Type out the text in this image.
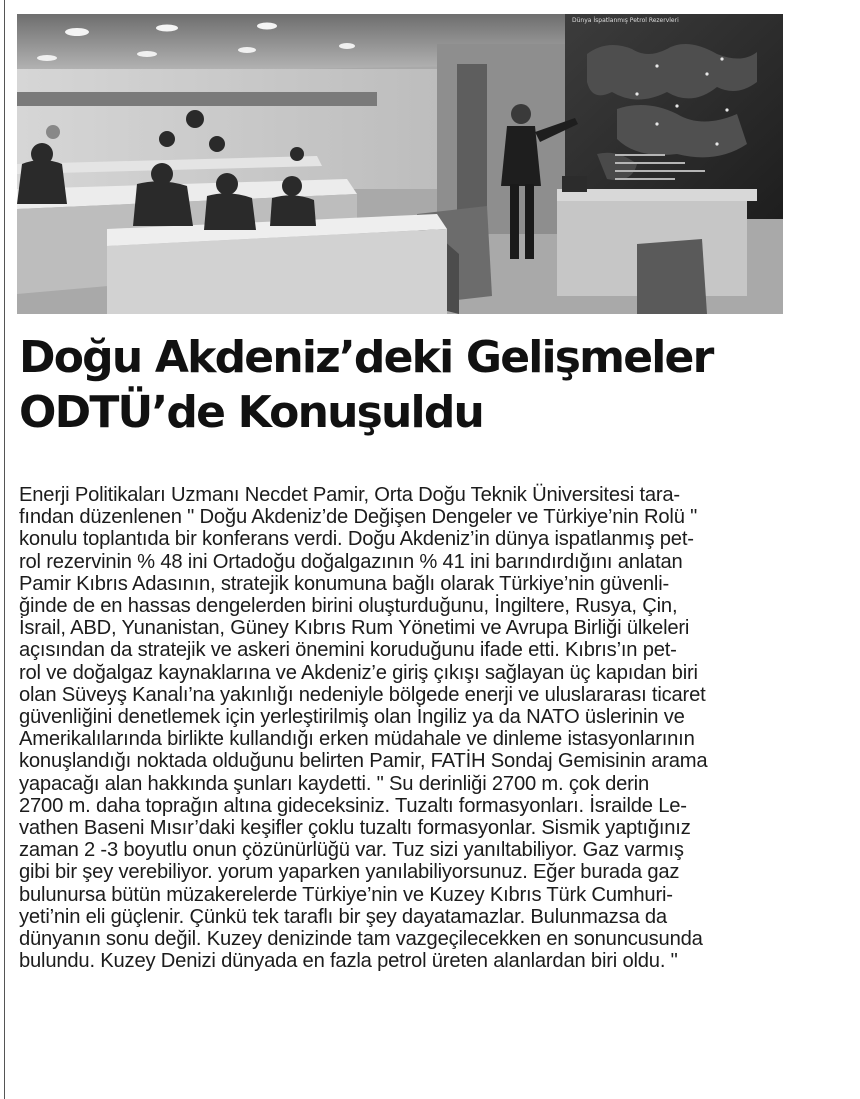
Dünya İspatlanmış Petrol Rezervleri
Doğu Akdeniz’deki Gelişmeler
ODTÜ’de Konuşuldu
Enerji Politikaları Uzmanı Necdet Pamir, Orta Doğu Teknik Üniversitesi tara-
fından düzenlenen " Doğu Akdeniz’de Değişen Dengeler ve Türkiye’nin Rolü "
konulu toplantıda bir konferans verdi. Doğu Akdeniz’in dünya ispatlanmış pet-
rol rezervinin % 48 ini Ortadoğu doğalgazının % 41 ini barındırdığını anlatan
Pamir Kıbrıs Adasının, stratejik konumuna bağlı olarak Türkiye’nin güvenli-
ğinde de en hassas dengelerden birini oluşturduğunu, İngiltere, Rusya, Çin,
İsrail, ABD, Yunanistan, Güney Kıbrıs Rum Yönetimi ve Avrupa Birliği ülkeleri
açısından da stratejik ve askeri önemini koruduğunu ifade etti. Kıbrıs’ın pet-
rol ve doğalgaz kaynaklarına ve Akdeniz’e giriş çıkışı sağlayan üç kapıdan biri
olan Süveyş Kanalı’na yakınlığı nedeniyle bölgede enerji ve uluslararası ticaret
güvenliğini denetlemek için yerleştirilmiş olan İngiliz ya da NATO üslerinin ve
Amerikalılarında birlikte kullandığı erken müdahale ve dinleme istasyonlarının
konuşlandığı noktada olduğunu belirten Pamir, FATİH Sondaj Gemisinin arama
yapacağı alan hakkında şunları kaydetti. " Su derinliği 2700 m. çok derin
2700 m. daha toprağın altına gideceksiniz. Tuzaltı formasyonları. İsrailde Le-
vathen Baseni Mısır’daki keşifler çoklu tuzaltı formasyonlar. Sismik yaptığınız
zaman 2 -3 boyutlu onun çözünürlüğü var. Tuz sizi yanıltabiliyor. Gaz varmış
gibi bir şey verebiliyor. yorum yaparken yanılabiliyorsunuz. Eğer burada gaz
bulunursa bütün müzakerelerde Türkiye’nin ve Kuzey Kıbrıs Türk Cumhuri-
yeti’nin eli güçlenir. Çünkü tek taraflı bir şey dayatamazlar. Bulunmazsa da
dünyanın sonu değil. Kuzey denizinde tam vazgeçilecekken en sonuncusunda
bulundu. Kuzey Denizi dünyada en fazla petrol üreten alanlardan biri oldu. "
